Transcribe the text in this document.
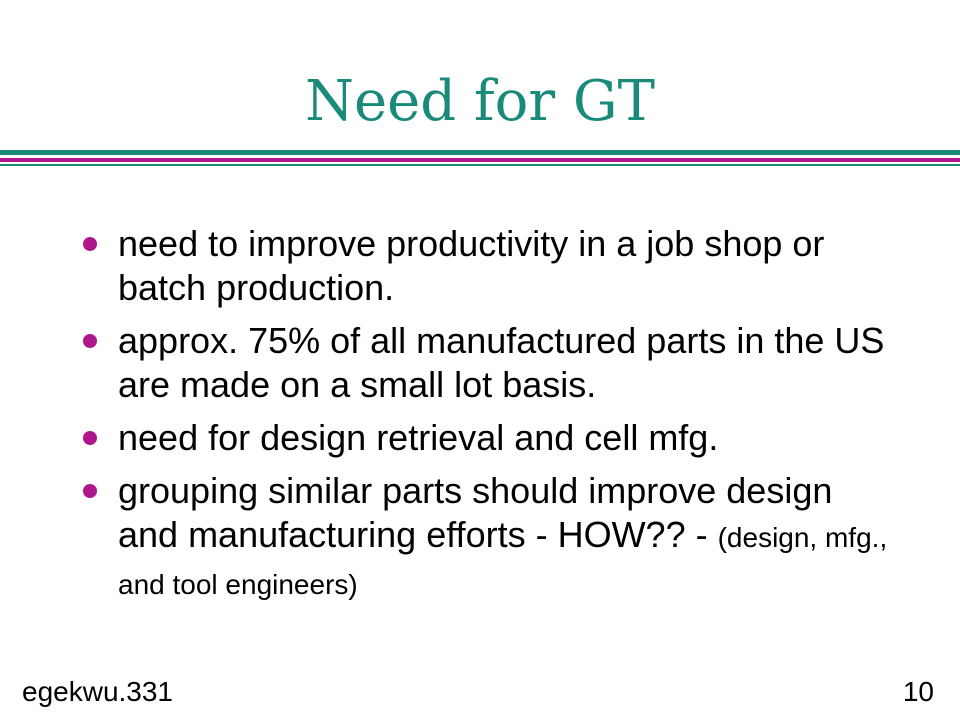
Need for GT
need to improve productivity in a job shop or batch production.
approx. 75% of all manufactured parts in the US are made on a small lot basis.
need for design retrieval and cell mfg.
grouping similar parts should improve design and manufacturing efforts - HOW?? - (design, mfg., and tool engineers)
egekwu.331	10
